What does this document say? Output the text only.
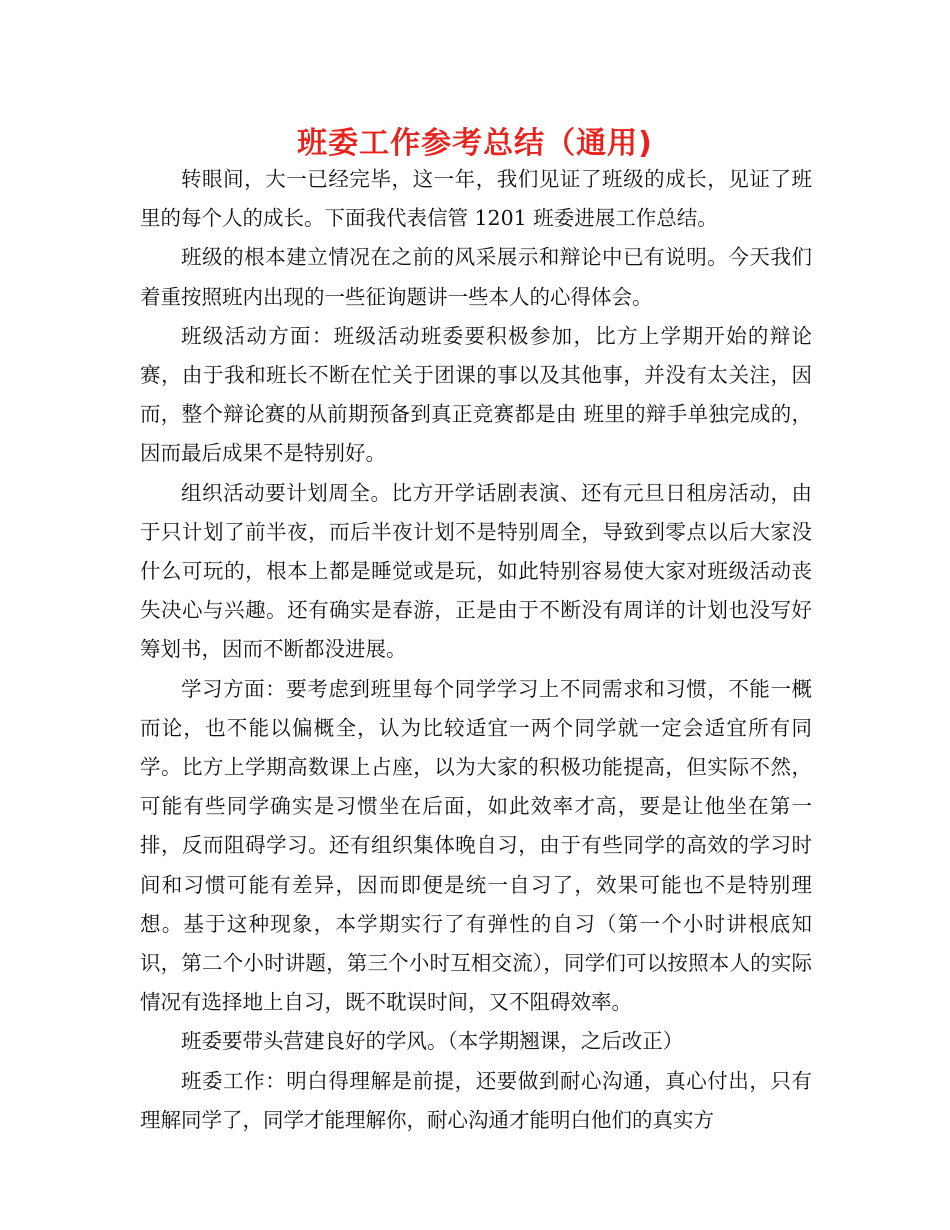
班委工作参考总结（通用)

转眼间，大一已经完毕，这一年，我们见证了班级的成长，见证了班里的每个人的成长。下面我代表信管 1201 班委进展工作总结。

班级的根本建立情况在之前的风采展示和辩论中已有说明。今天我们着重按照班内出现的一些征询题讲一些本人的心得体会。

班级活动方面：班级活动班委要积极参加，比方上学期开始的辩论赛，由于我和班长不断在忙关于团课的事以及其他事，并没有太关注，因而，整个辩论赛的从前期预备到真正竞赛都是由 班里的辩手单独完成的，因而最后成果不是特别好。

组织活动要计划周全。比方开学话剧表演、还有元旦日租房活动，由于只计划了前半夜，而后半夜计划不是特别周全，导致到零点以后大家没什么可玩的，根本上都是睡觉或是玩，如此特别容易使大家对班级活动丧失决心与兴趣。还有确实是春游，正是由于不断没有周详的计划也没写好筹划书，因而不断都没进展。

学习方面：要考虑到班里每个同学学习上不同需求和习惯，不能一概而论，也不能以偏概全，认为比较适宜一两个同学就一定会适宜所有同学。比方上学期高数课上占座，以为大家的积极功能提高，但实际不然，可能有些同学确实是习惯坐在后面，如此效率才高，要是让他坐在第一排，反而阻碍学习。还有组织集体晚自习，由于有些同学的高效的学习时间和习惯可能有差异，因而即便是统一自习了，效果可能也不是特别理想。基于这种现象，本学期实行了有弹性的自习（第一个小时讲根底知识，第二个小时讲题，第三个小时互相交流），同学们可以按照本人的实际情况有选择地上自习，既不耽误时间，又不阻碍效率。

班委要带头营建良好的学风。（本学期翘课，之后改正）

班委工作：明白得理解是前提，还要做到耐心沟通，真心付出，只有理解同学了，同学才能理解你，耐心沟通才能明白他们的真实方
